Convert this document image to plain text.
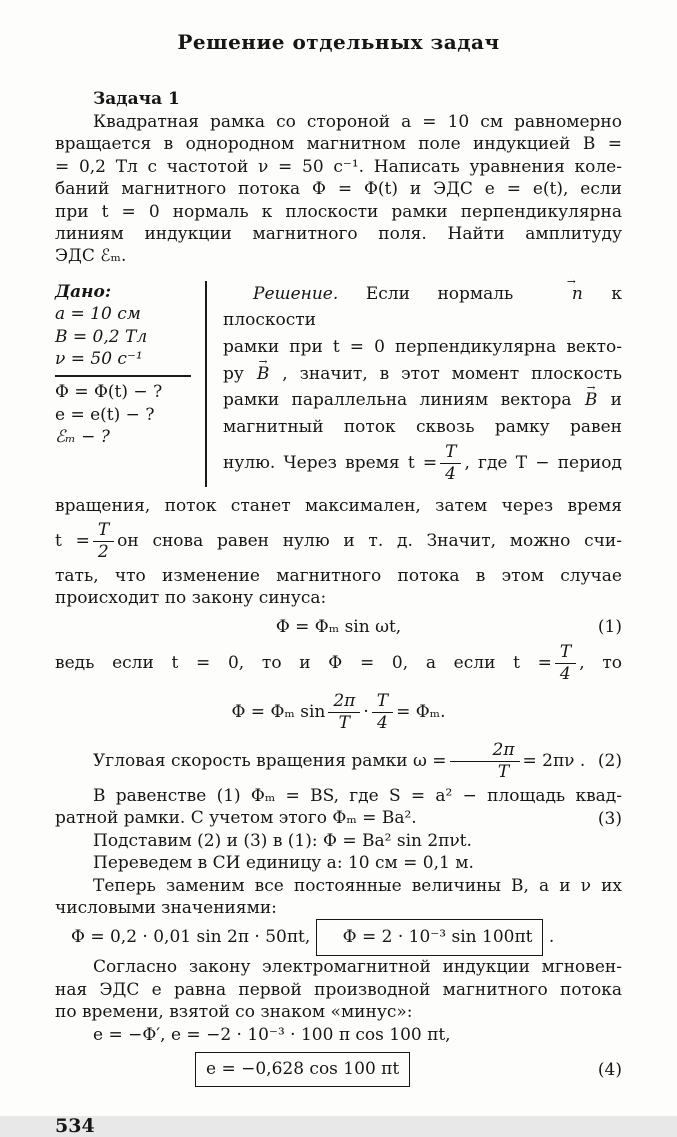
Решение отдельных задач
Задача 1
Квадратная рамка со стороной a = 10 см равномерно
вращается в однородном магнитном поле индукцией B =
= 0,2 Тл с частотой ν = 50 с⁻¹. Написать уравнения коле-
баний магнитного потока Φ = Φ(t) и ЭДС e = e(t), если
при t = 0 нормаль к плоскости рамки перпендикулярна
линиям индукции магнитного поля. Найти амплитуду
ЭДС ℰₘ.
Дано:
a = 10 см
B = 0,2 Тл
ν = 50 с⁻¹
Φ = Φ(t) − ?
e = e(t) − ?
ℰₘ − ?
Решение. Если нормаль → n к плоскости
рамки при t = 0 перпендикулярна векто-
ру → B , значит, в этот момент плоскость
рамки параллельна линиям вектора → B и
магнитный поток сквозь рамку равен
нулю. Через время $t = \frac{T}{4}$ , где T − период
вращения, поток станет максимален, затем через время
$t = \frac{T}{2}$ он снова равен нулю и т. д. Значит, можно счи-
тать, что изменение магнитного потока в этом случае
происходит по закону синуса:
Φ = Φₘ sin ωt,	(1)
ведь если t = 0, то и Φ = 0, а если $t = \frac{T}{4}$ , то
Φ = Φₘ $\sin \frac{2\pi}{T} \cdot \frac{T}{4} = \Phi_m$.
Угловая скорость вращения рамки $\omega = \frac{2\pi}{T} = 2\pi\nu$ . (2)
В равенстве (1) Φₘ = BS, где S = a² − площадь квад-
ратной рамки. С учетом этого Φₘ = Ba².	(3)
Подставим (2) и (3) в (1): Φ = Ba² sin 2πνt.
Переведем в СИ единицу a: 10 см = 0,1 м.
Теперь заменим все постоянные величины B, a и ν их
числовыми значениями:
Φ = 0,2 · 0,01 sin 2π · 50πt, Φ = 2 · 10⁻³ sin 100πt .
Согласно закону электромагнитной индукции мгновен-
ная ЭДС e равна первой производной магнитного потока
по времени, взятой со знаком «минус»:
e = −Φ′, e = −2 · 10⁻³ · 100 π cos 100 πt,
e = −0,628 cos 100 πt	(4)
534
